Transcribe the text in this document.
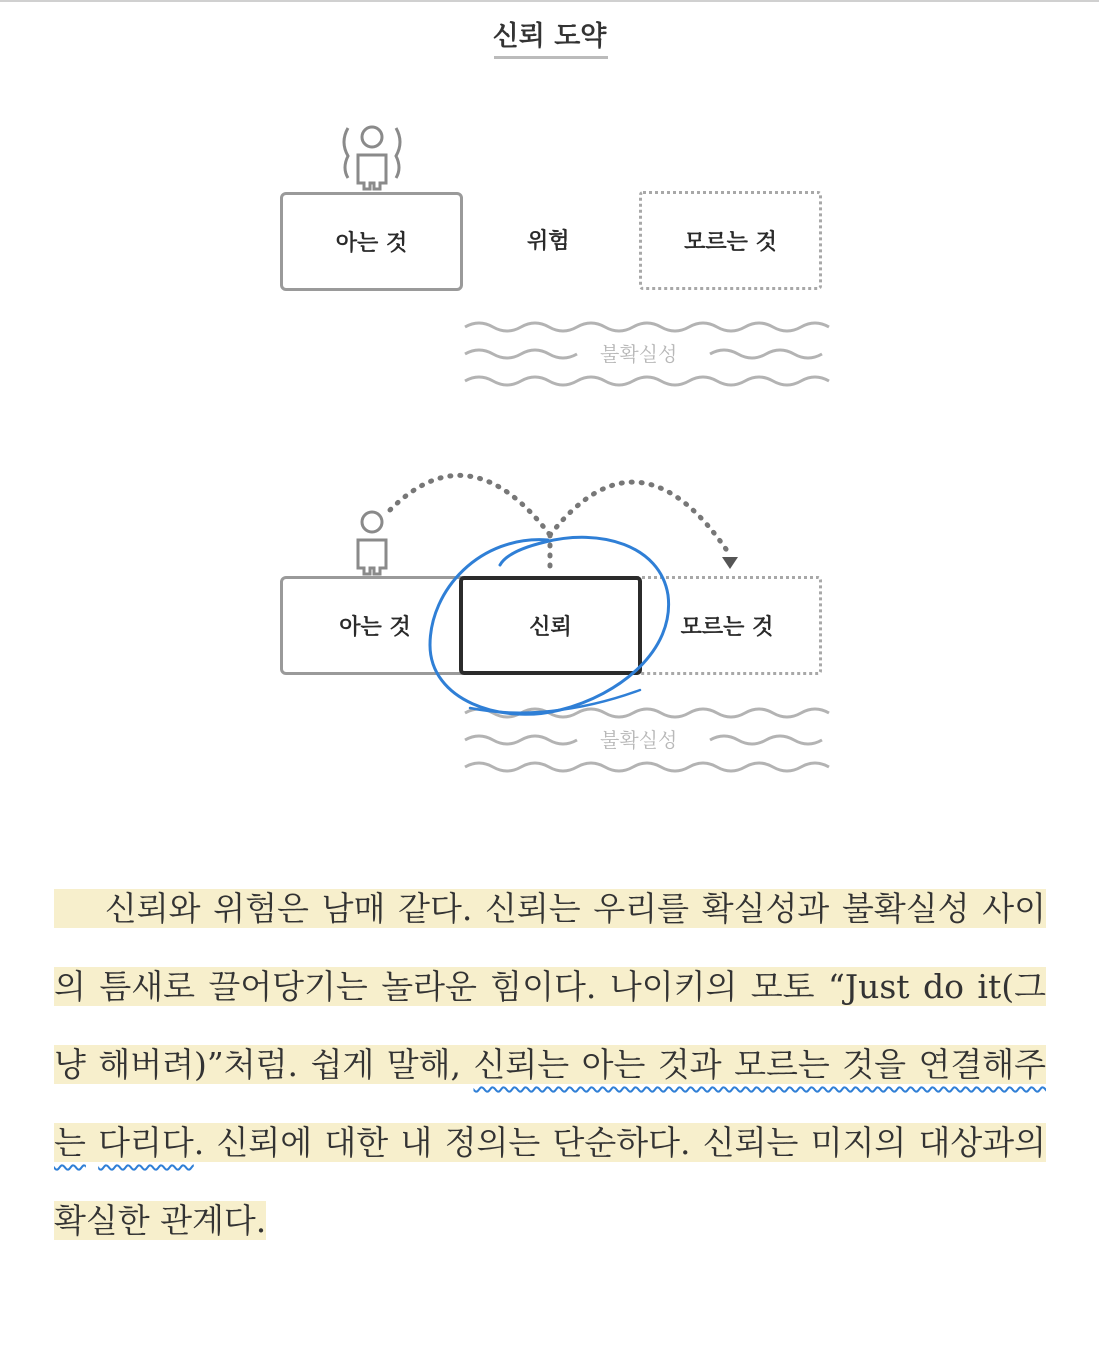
신뢰 도약
아는 것	위험	모르는 것
불확실성
아는 것	모르는 것
신뢰
불확실성
신뢰와 위험은 남매 같다. 신뢰는 우리를 확실성과 불확실성 사이의 틈새로 끌어당기는 놀라운 힘이다. 나이키의 모토 “Just do it(그냥 해버려)”처럼. 쉽게 말해, 신뢰는 아는 것과 모르는 것을 연결해주는 다리다. 신뢰에 대한 내 정의는 단순하다. 신뢰는 미지의 대상과의 확실한 관계다.
